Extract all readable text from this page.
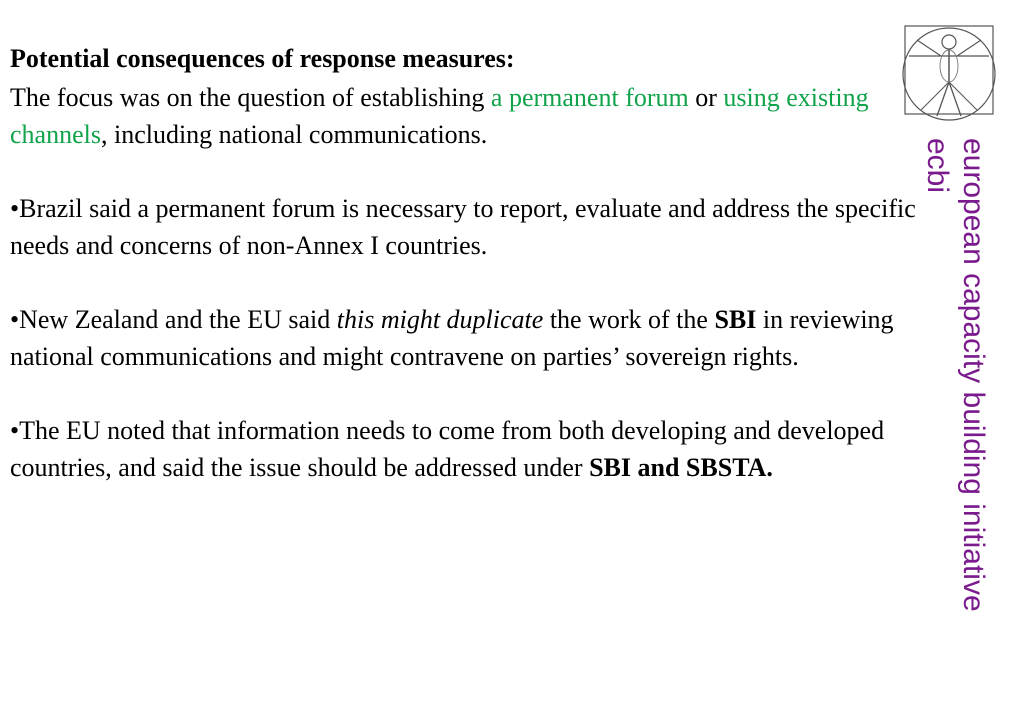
Potential consequences of response measures:

The focus was on the question of establishing a permanent forum or using existing channels, including national communications.

•Brazil said a permanent forum is necessary to report, evaluate and address the specific needs and concerns of non-Annex I countries.

•New Zealand and the EU said this might duplicate the work of the SBI in reviewing national communications and might contravene on parties’ sovereign rights.

•The EU noted that information needs to come from both developing and developed countries, and said the issue should be addressed under SBI and SBSTA.	european capacity building initiative
ecbi
